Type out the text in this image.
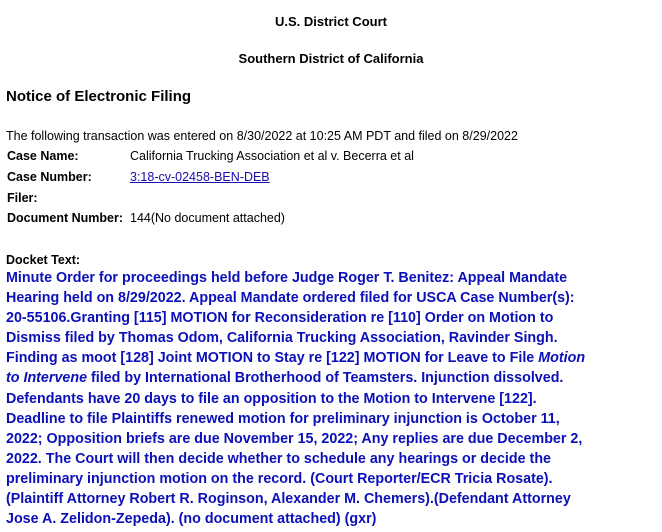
U.S. District Court
Southern District of California
Notice of Electronic Filing
The following transaction was entered on 8/30/2022 at 10:25 AM PDT and filed on 8/29/2022
Case Name:	California Trucking Association et al v. Becerra et al
Case Number:	3:18-cv-02458-BEN-DEB
Filer:
Document Number: 144(No document attached)
Docket Text:
Minute Order for proceedings held before Judge Roger T. Benitez: Appeal Mandate
Hearing held on 8/29/2022. Appeal Mandate ordered filed for USCA Case Number(s):
20-55106.Granting [115] MOTION for Reconsideration re [110] Order on Motion to
Dismiss filed by Thomas Odom, California Trucking Association, Ravinder Singh.
Finding as moot [128] Joint MOTION to Stay re [122] MOTION for Leave to File Motion
to Intervene filed by International Brotherhood of Teamsters. Injunction dissolved.
Defendants have 20 days to file an opposition to the Motion to Intervene [122].
Deadline to file Plaintiffs renewed motion for preliminary injunction is October 11,
2022; Opposition briefs are due November 15, 2022; Any replies are due December 2,
2022. The Court will then decide whether to schedule any hearings or decide the
preliminary injunction motion on the record. (Court Reporter/ECR Tricia Rosate).
(Plaintiff Attorney Robert R. Roginson, Alexander M. Chemers).(Defendant Attorney
Jose A. Zelidon-Zepeda). (no document attached) (gxr)
